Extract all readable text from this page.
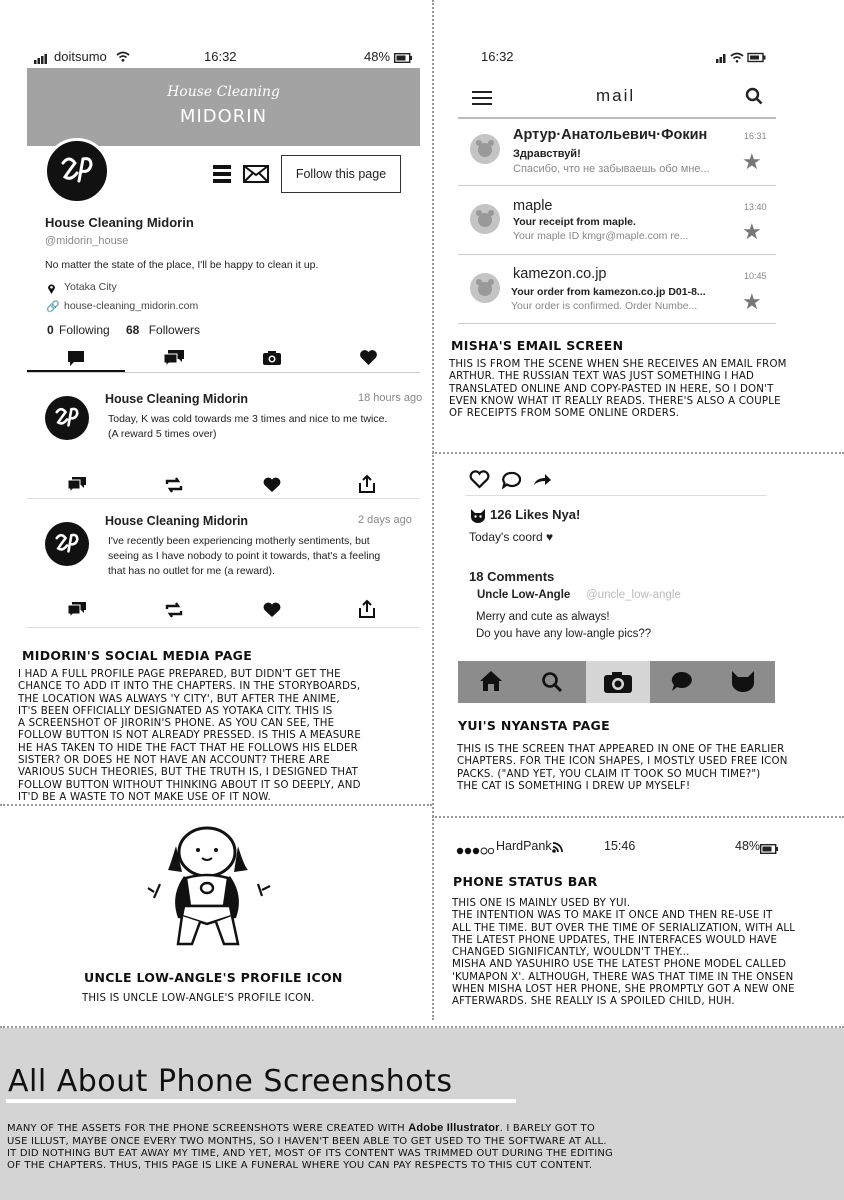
doitsumo	16:32	48%
House Cleaning
MIDORIN
Follow this page
House Cleaning Midorin
@midorin_house
No matter the state of the place, I'll be happy to clean it up.
Yotaka City
🔗 house-cleaning_midorin.com
0 Following 68 Followers
House Cleaning Midorin	18 hours ago
Today, K was cold towards me 3 times and nice to me twice.
(A reward 5 times over)
House Cleaning Midorin	2 days ago
I've recently been experiencing motherly sentiments, but
seeing as I have nobody to point it towards, that's a feeling
that has no outlet for me (a reward).
MIDORIN'S SOCIAL MEDIA PAGE
I HAD A FULL PROFILE PAGE PREPARED, BUT DIDN'T GET THE
CHANCE TO ADD IT INTO THE CHAPTERS. IN THE STORYBOARDS,
THE LOCATION WAS ALWAYS 'Y CITY', BUT AFTER THE ANIME,
IT'S BEEN OFFICIALLY DESIGNATED AS YOTAKA CITY. THIS IS
A SCREENSHOT OF JIRORIN'S PHONE. AS YOU CAN SEE, THE
FOLLOW BUTTON IS NOT ALREADY PRESSED. IS THIS A MEASURE
HE HAS TAKEN TO HIDE THE FACT THAT HE FOLLOWS HIS ELDER
SISTER? OR DOES HE NOT HAVE AN ACCOUNT? THERE ARE
VARIOUS SUCH THEORIES, BUT THE TRUTH IS, I DESIGNED THAT
FOLLOW BUTTON WITHOUT THINKING ABOUT IT SO DEEPLY, AND
IT'D BE A WASTE TO NOT MAKE USE OF IT NOW.
16:32
mail
Артур·Анатольевич·Фокин	16:31
Здравствуй!
Спасибо, что не забываешь обо мне... ★
maple	13:40
Your receipt from maple.
Your maple ID kmgr@maple.com re... ★
kamezon.co.jp	10:45
Your order from kamezon.co.jp D01-8...
Your order is confirmed. Order Numbe... ★
MISHA'S EMAIL SCREEN
THIS IS FROM THE SCENE WHEN SHE RECEIVES AN EMAIL FROM
ARTHUR. THE RUSSIAN TEXT WAS JUST SOMETHING I HAD
TRANSLATED ONLINE AND COPY-PASTED IN HERE, SO I DON'T
EVEN KNOW WHAT IT REALLY READS. THERE'S ALSO A COUPLE
OF RECEIPTS FROM SOME ONLINE ORDERS.
126 Likes Nya!
Today's coord ♥
18 Comments
Uncle Low-Angle @uncle_low-angle
Merry and cute as always!
Do you have any low-angle pics??
YUI'S NYANSTA PAGE
THIS IS THE SCREEN THAT APPEARED IN ONE OF THE EARLIER
CHAPTERS. FOR THE ICON SHAPES, I MOSTLY USED FREE ICON
PACKS. ("AND YET, YOU CLAIM IT TOOK SO MUCH TIME?")
THE CAT IS SOMETHING I DREW UP MYSELF!
UNCLE LOW-ANGLE'S PROFILE ICON
THIS IS UNCLE LOW-ANGLE'S PROFILE ICON.
HardPank	15:46	48%
PHONE STATUS BAR
THIS ONE IS MAINLY USED BY YUI.
THE INTENTION WAS TO MAKE IT ONCE AND THEN RE-USE IT
ALL THE TIME. BUT OVER THE TIME OF SERIALIZATION, WITH ALL
THE LATEST PHONE UPDATES, THE INTERFACES WOULD HAVE
CHANGED SIGNIFICANTLY, WOULDN'T THEY...
MISHA AND YASUHIRO USE THE LATEST PHONE MODEL CALLED
'KUMAPON X'. ALTHOUGH, THERE WAS THAT TIME IN THE ONSEN
WHEN MISHA LOST HER PHONE, SHE PROMPTLY GOT A NEW ONE
AFTERWARDS. SHE REALLY IS A SPOILED CHILD, HUH.
All About Phone Screenshots

MANY OF THE ASSETS FOR THE PHONE SCREENSHOTS WERE CREATED WITH Adobe Illustrator. I BARELY GOT TO
USE ILLUST, MAYBE ONCE EVERY TWO MONTHS, SO I HAVEN'T BEEN ABLE TO GET USED TO THE SOFTWARE AT ALL.
IT DID NOTHING BUT EAT AWAY MY TIME, AND YET, MOST OF ITS CONTENT WAS TRIMMED OUT DURING THE EDITING
OF THE CHAPTERS. THUS, THIS PAGE IS LIKE A FUNERAL WHERE YOU CAN PAY RESPECTS TO THIS CUT CONTENT.
